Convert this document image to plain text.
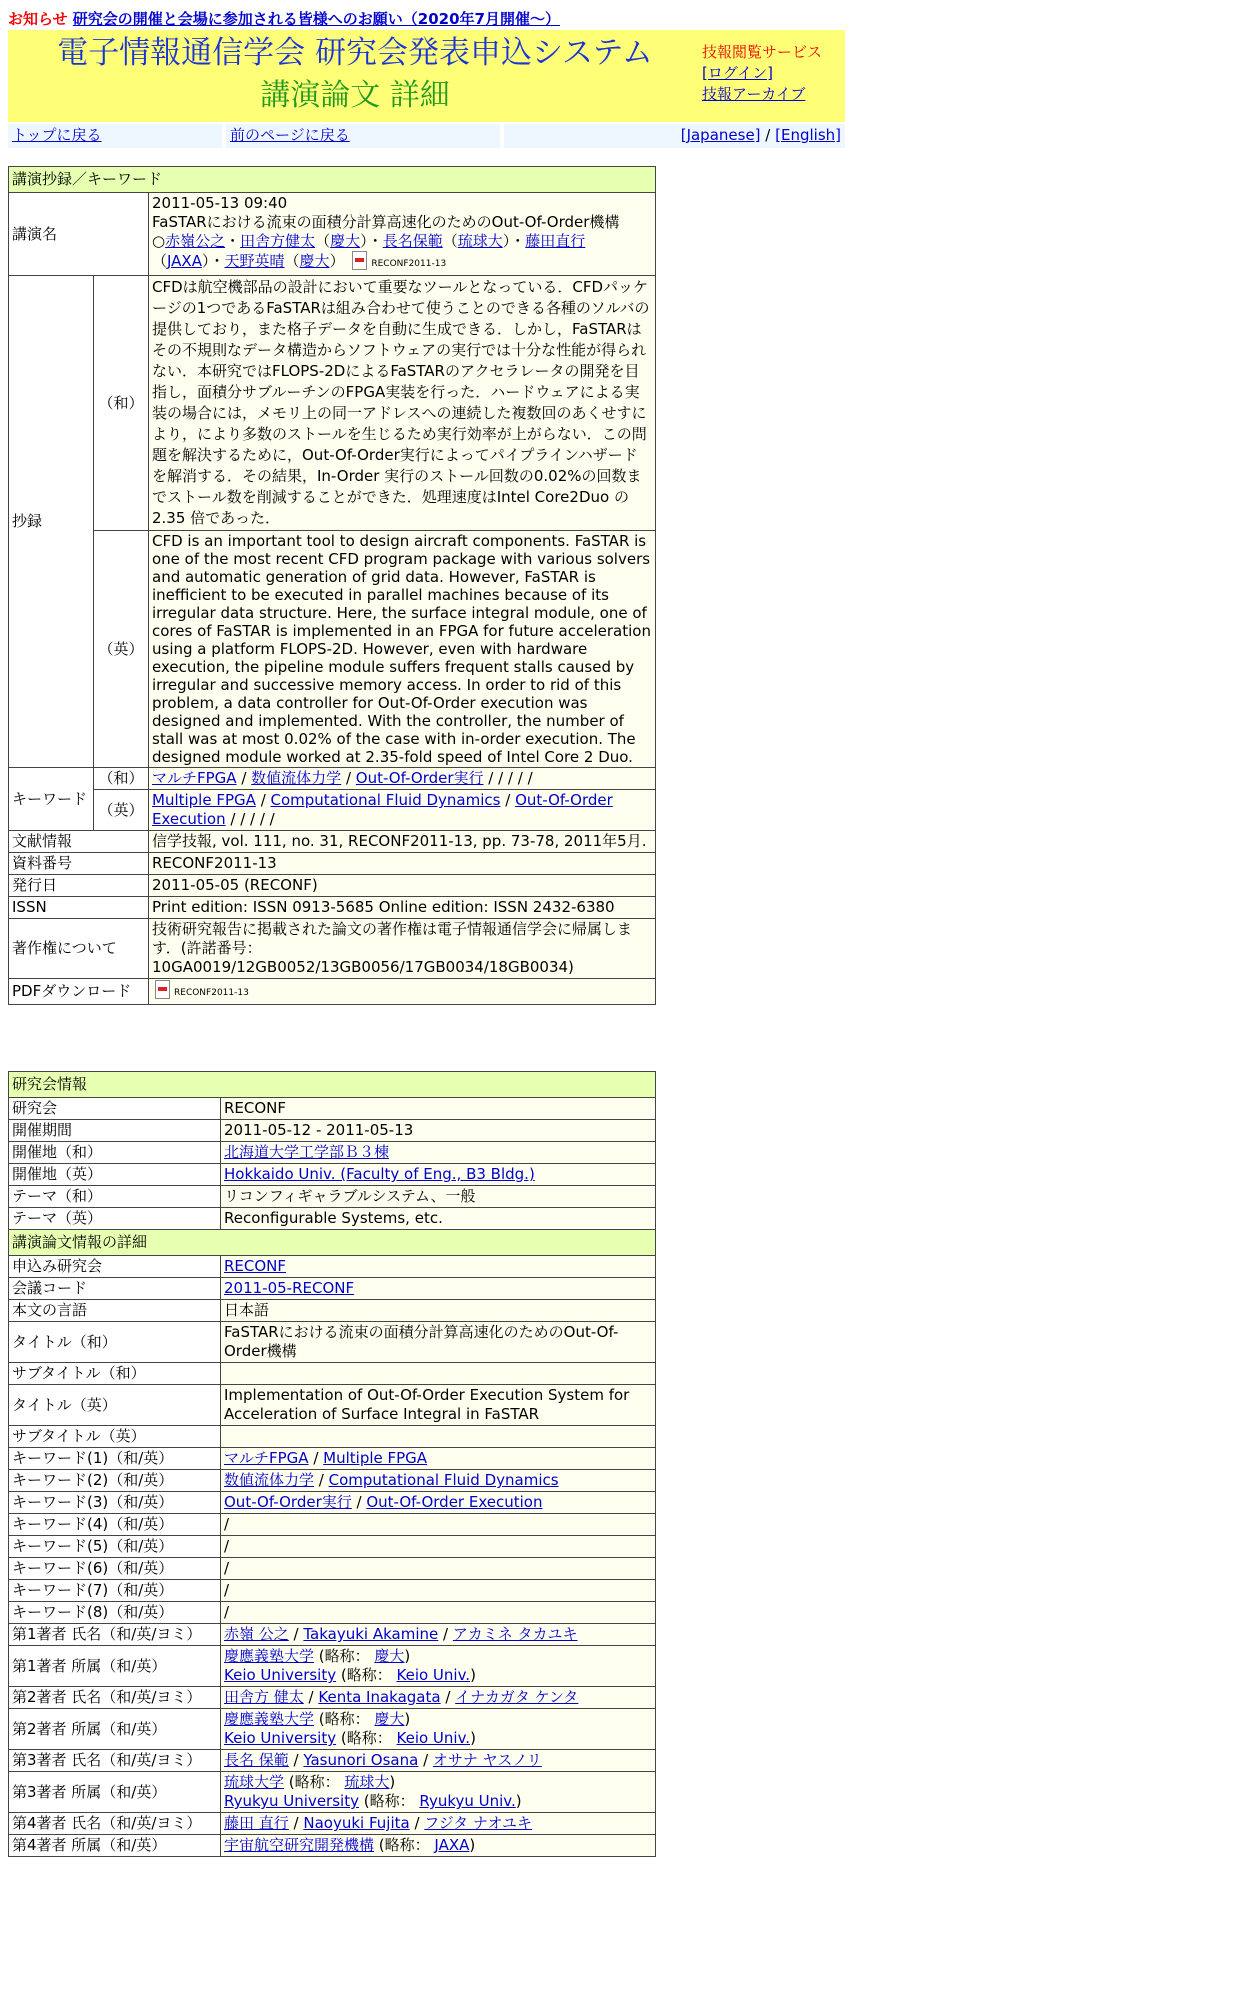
お知らせ 研究会の開催と会場に参加される皆様へのお願い（2020年7月開催～）
電子情報通信学会 研究会発表申込システム
講演論文 詳細
技報閲覧サービス
[ログイン]
技報アーカイブ
トップに戻る	前のページに戻る	[Japanese] / [English]
講演抄録／キーワード		
講演名		2011-05-13 09:40
FaSTARにおける流束の面積分計算高速化のためのOut-Of-Order機構
○赤嶺公之・田舎方健太（慶大）・長名保範（琉球大）・藤田直行（JAXA）・天野英晴（慶大） RECONF2011-13

抄録	（和）	CFDは航空機部品の設計において重要なツールとなっている．CFDパッケージの1つであるFaSTARは組み合わせて使うことのできる各種のソルバの提供しており，また格子データを自動に生成できる．しかし，FaSTARはその不規則なデータ構造からソフトウェアの実行では十分な性能が得られない．本研究ではFLOPS-2DによるFaSTARのアクセラレータの開発を目指し，面積分サブルーチンのFPGA実装を行った．ハードウェアによる実装の場合には，メモリ上の同一アドレスへの連続した複数回のあくせすにより，により多数のストールを生じるため実行効率が上がらない．この問題を解決するために，Out-Of-Order実行によってパイプラインハザードを解消する．その結果，In-Order 実行のストール回数の0.02%の回数までストール数を削減することができた．処理速度はIntel Core2Duo の2.35 倍であった．
	（英）	CFD is an important tool to design aircraft components. FaSTAR is one of the most recent CFD program package with various solvers and automatic generation of grid data. However, FaSTAR is inefficient to be executed in parallel machines because of its irregular data structure. Here, the surface integral module, one of cores of FaSTAR is implemented in an FPGA for future acceleration using a platform FLOPS-2D. However, even with hardware execution, the pipeline module suffers frequent stalls caused by irregular and successive memory access. In order to rid of this problem, a data controller for Out-Of-Order execution was designed and implemented. With the controller, the number of stall was at most 0.02% of the case with in-order execution. The designed module worked at 2.35-fold speed of Intel Core 2 Duo.
キーワード	（和）	マルチFPGA / 数値流体力学 / Out-Of-Order実行 / / / / /
	（英）	Multiple FPGA / Computational Fluid Dynamics / Out-Of-Order Execution / / / / /
文献情報		信学技報, vol. 111, no. 31, RECONF2011-13, pp. 73-78, 2011年5月.
資料番号		RECONF2011-13
発行日		2011-05-05 (RECONF)
ISSN		Print edition: ISSN 0913-5685 Online edition: ISSN 2432-6380
著作権について		技術研究報告に掲載された論文の著作権は電子情報通信学会に帰属します．(許諾番号：10GA0019/12GB0052/13GB0056/17GB0034/18GB0034)
PDFダウンロード		RECONF2011-13
研究会情報	
研究会	RECONF
開催期間	2011-05-12 - 2011-05-13
開催地（和）	北海道大学工学部Ｂ３棟
開催地（英）	Hokkaido Univ. (Faculty of Eng., B3 Bldg.)
テーマ（和）	リコンフィギャラブルシステム、一般
テーマ（英）	Reconfigurable Systems, etc.
講演論文情報の詳細	
申込み研究会	RECONF
会議コード	2011-05-RECONF
本文の言語	日本語
タイトル（和）	FaSTARにおける流束の面積分計算高速化のためのOut-Of-Order機構
サブタイトル（和）	
タイトル（英）	Implementation of Out-Of-Order Execution System for Acceleration of Surface Integral in FaSTAR
サブタイトル（英）	
キーワード(1)（和/英）	マルチFPGA / Multiple FPGA
キーワード(2)（和/英）	数値流体力学 / Computational Fluid Dynamics
キーワード(3)（和/英）	Out-Of-Order実行 / Out-Of-Order Execution
キーワード(4)（和/英）	/
キーワード(5)（和/英）	/
キーワード(6)（和/英）	/
キーワード(7)（和/英）	/
キーワード(8)（和/英）	/
第1著者 氏名（和/英/ヨミ）	赤嶺 公之 / Takayuki Akamine / アカミネ タカユキ
第1著者 所属（和/英）	慶應義塾大学 (略称： 慶大)
Keio University (略称： Keio Univ.)

第2著者 氏名（和/英/ヨミ）	田舎方 健太 / Kenta Inakagata / イナカガタ ケンタ
第2著者 所属（和/英）	慶應義塾大学 (略称： 慶大)
Keio University (略称： Keio Univ.)

第3著者 氏名（和/英/ヨミ）	長名 保範 / Yasunori Osana / オサナ ヤスノリ
第3著者 所属（和/英）	琉球大学 (略称： 琉球大)
Ryukyu University (略称： Ryukyu Univ.)

第4著者 氏名（和/英/ヨミ）	藤田 直行 / Naoyuki Fujita / フジタ ナオユキ
第4著者 所属（和/英）	宇宙航空研究開発機構 (略称： JAXA)
